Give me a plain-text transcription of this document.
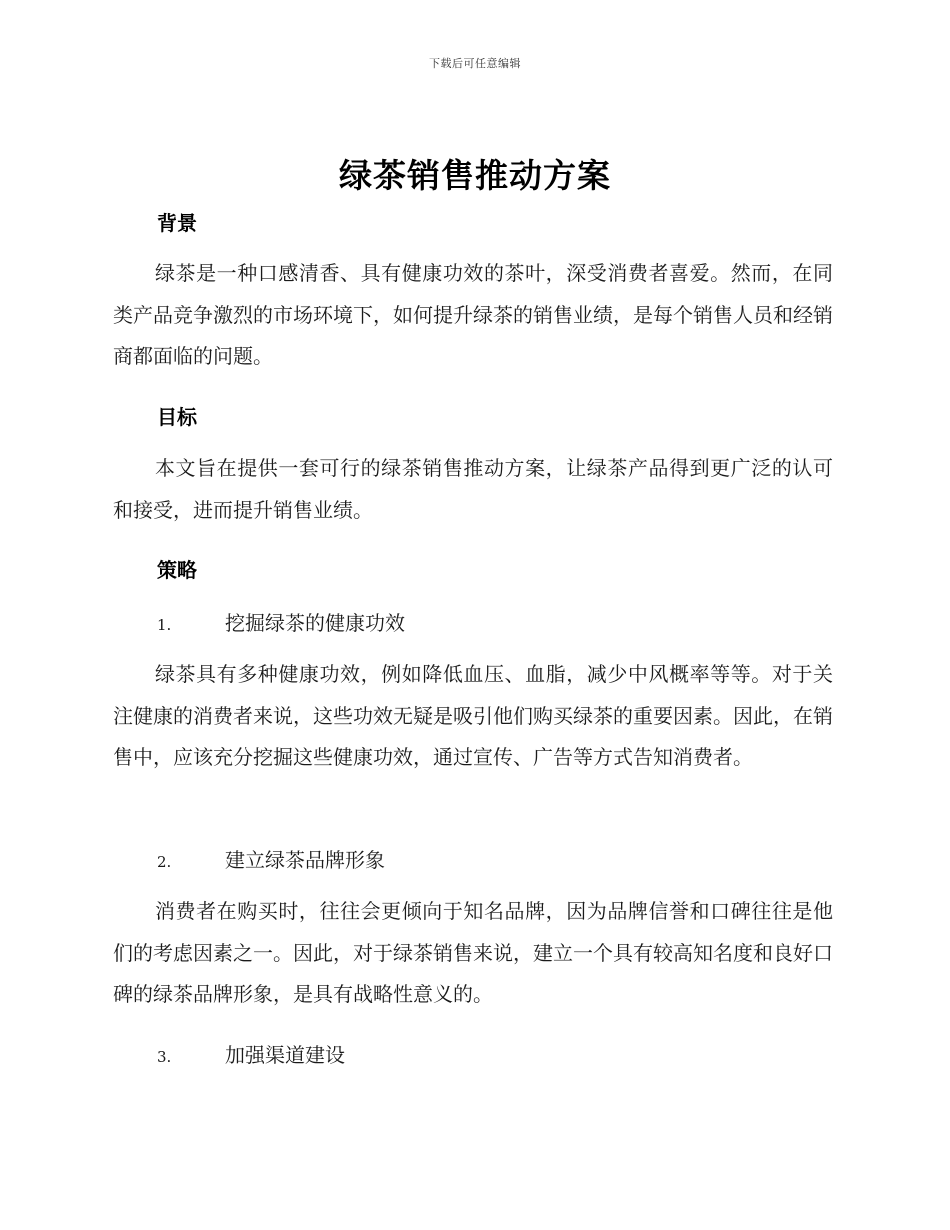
下载后可任意编辑
绿茶销售推动方案
背景
绿茶是一种口感清香、具有健康功效的茶叶，深受消费者喜爱。然而，在同类产品竞争激烈的市场环境下，如何提升绿茶的销售业绩，是每个销售人员和经销商都面临的问题。
目标
本文旨在提供一套可行的绿茶销售推动方案，让绿茶产品得到更广泛的认可和接受，进而提升销售业绩。
策略
1.	挖掘绿茶的健康功效
绿茶具有多种健康功效，例如降低血压、血脂，减少中风概率等等。对于关注健康的消费者来说，这些功效无疑是吸引他们购买绿茶的重要因素。因此，在销售中，应该充分挖掘这些健康功效，通过宣传、广告等方式告知消费者。
2.	建立绿茶品牌形象
消费者在购买时，往往会更倾向于知名品牌，因为品牌信誉和口碑往往是他们的考虑因素之一。因此，对于绿茶销售来说，建立一个具有较高知名度和良好口碑的绿茶品牌形象，是具有战略性意义的。
3.	加强渠道建设
